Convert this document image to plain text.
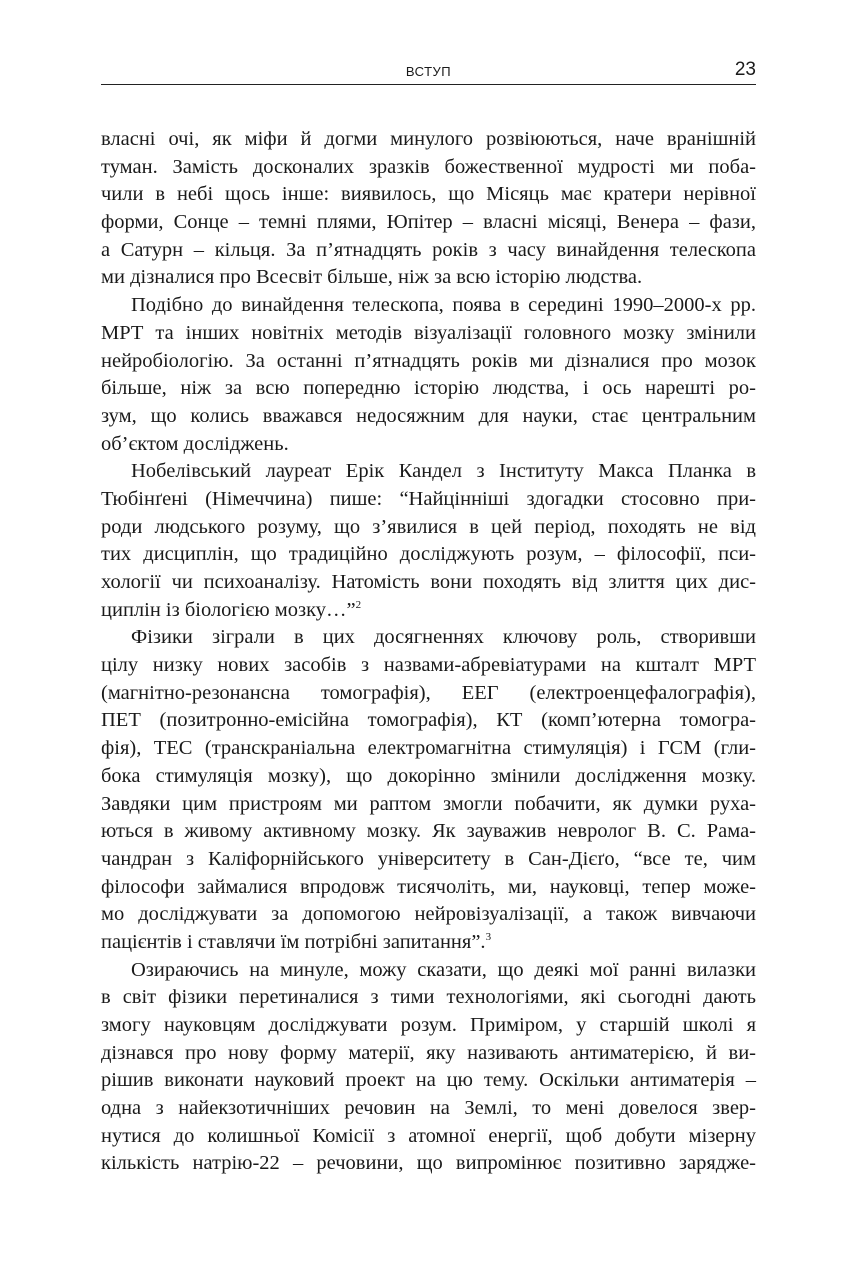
ВСТУП	23
власні очі, як міфи й догми минулого розвіюються, наче вранішній
туман. Замість досконалих зразків божественної мудрості ми поба-
чили в небі щось інше: виявилось, що Місяць має кратери нерівної
форми, Сонце – темні плями, Юпітер – власні місяці, Венера – фази,
а Сатурн – кільця. За п’ятнадцять років з часу винайдення телескопа
ми дізналися про Всесвіт більше, ніж за всю історію людства.
Подібно до винайдення телескопа, поява в середині 1990–2000-х рр.
МРТ та інших новітніх методів візуалізації головного мозку змінили
нейробіологію. За останні п’ятнадцять років ми дізналися про мозок
більше, ніж за всю попередню історію людства, і ось нарешті ро-
зум, що колись вважався недосяжним для науки, стає центральним
об’єктом досліджень.
Нобелівський лауреат Ерік Кандел з Інституту Макса Планка в
Тюбінґені (Німеччина) пише: “Найцінніші здогадки стосовно при-
роди людського розуму, що з’явилися в цей період, походять не від
тих дисциплін, що традиційно досліджують розум, – філософії, пси-
хології чи психоаналізу. Натомість вони походять від злиття цих дис-
циплін із біологією мозку…”$^2$
Фізики зіграли в цих досягненнях ключову роль, створивши
цілу низку нових засобів з назвами-абревіатурами на кшталт МРТ
(магнітно-резонансна томографія), ЕЕГ (електроенцефалографія),
ПЕТ (позитронно-емісійна томографія), КТ (комп’ютерна томогра-
фія), ТЕС (транскраніальна електромагнітна стимуляція) і ГСМ (гли-
бока стимуляція мозку), що докорінно змінили дослідження мозку.
Завдяки цим пристроям ми раптом змогли побачити, як думки руха-
ються в живому активному мозку. Як зауважив невролог В. С. Рама-
чандран з Каліфорнійського університету в Сан-Дієґо, “все те, чим
філософи займалися впродовж тисячоліть, ми, науковці, тепер може-
мо досліджувати за допомогою нейровізуалізації, а також вивчаючи
пацієнтів і ставлячи їм потрібні запитання”.$^3$
Озираючись на минуле, можу сказати, що деякі мої ранні вилазки
в світ фізики перетиналися з тими технологіями, які сьогодні дають
змогу науковцям досліджувати розум. Приміром, у старшій школі я
дізнався про нову форму матерії, яку називають антиматерією, й ви-
рішив виконати науковий проект на цю тему. Оскільки антиматерія –
одна з найекзотичніших речовин на Землі, то мені довелося звер-
нутися до колишньої Комісії з атомної енергії, щоб добути мізерну
кількість натрію-22 – речовини, що випромінює позитивно зарядже-
